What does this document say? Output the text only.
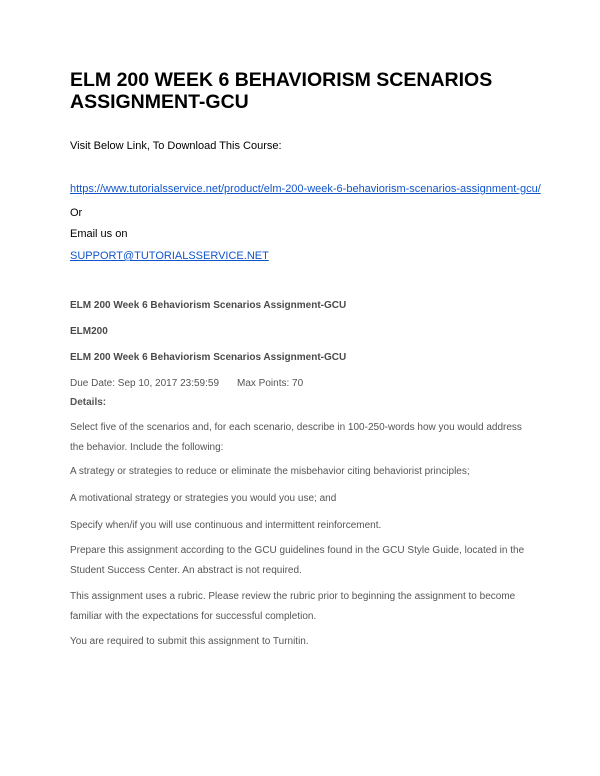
ELM 200 WEEK 6 BEHAVIORISM SCENARIOS ASSIGNMENT-GCU
Visit Below Link, To Download This Course:
https://www.tutorialsservice.net/product/elm-200-week-6-behaviorism-scenarios-assignment-gcu/
Or
Email us on
SUPPORT@TUTORIALSSERVICE.NET
ELM 200 Week 6 Behaviorism Scenarios Assignment-GCU
ELM200
ELM 200 Week 6 Behaviorism Scenarios Assignment-GCU
Due Date: Sep 10, 2017 23:59:59 Max Points: 70
Details:

Select five of the scenarios and, for each scenario, describe in 100-250-words how you would address the behavior. Include the following:

A strategy or strategies to reduce or eliminate the misbehavior citing behaviorist principles;

A motivational strategy or strategies you would you use; and

Specify when/if you will use continuous and intermittent reinforcement.

Prepare this assignment according to the GCU guidelines found in the GCU Style Guide, located in the Student Success Center. An abstract is not required.

This assignment uses a rubric. Please review the rubric prior to beginning the assignment to become familiar with the expectations for successful completion.

You are required to submit this assignment to Turnitin.
